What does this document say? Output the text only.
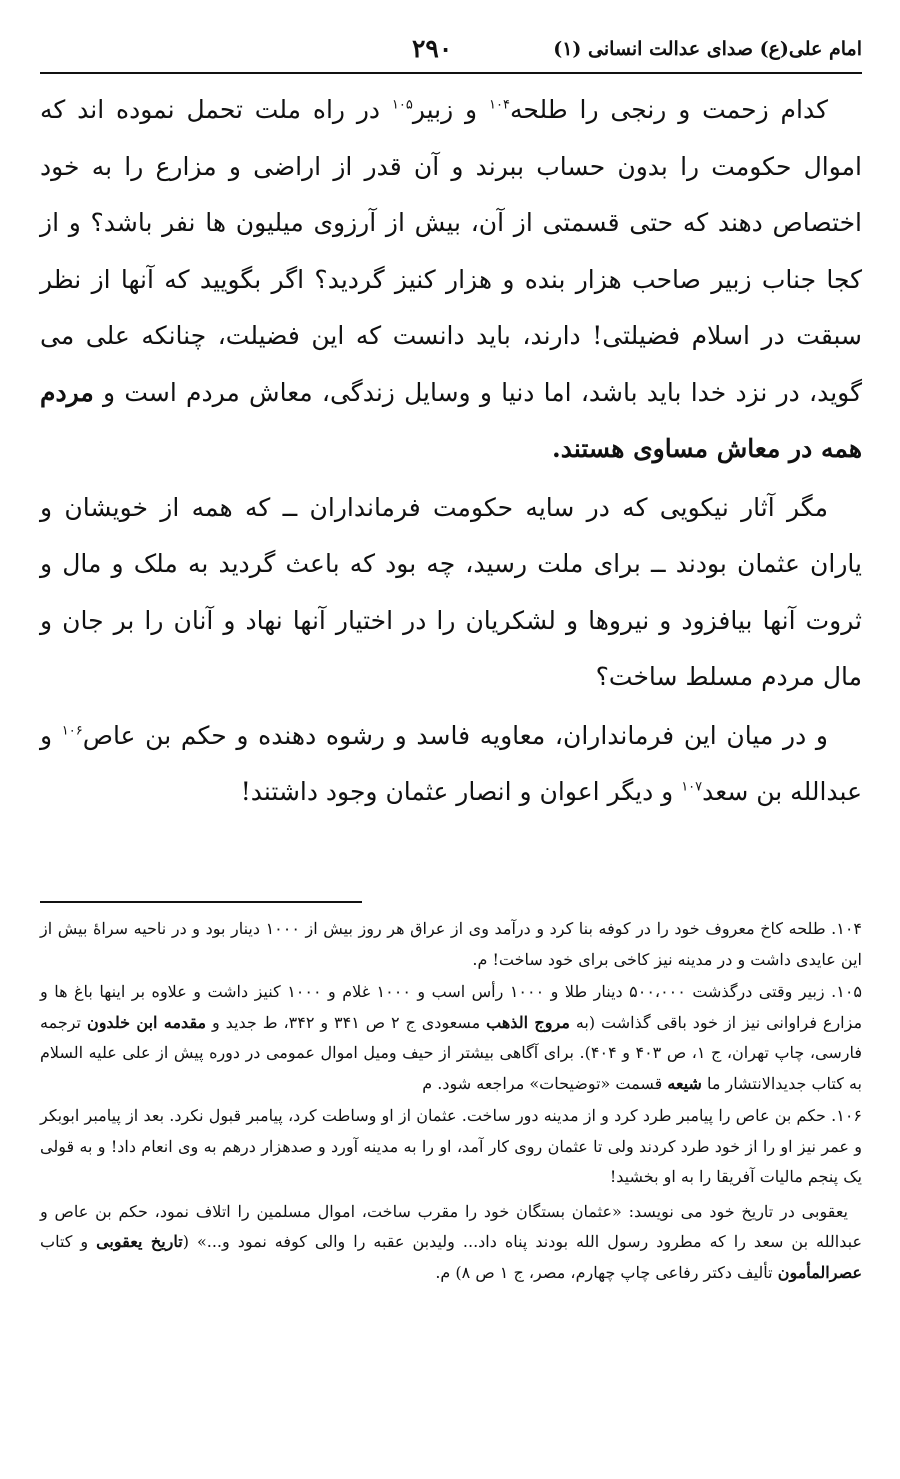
امام علی(ع) صدای عدالت انسانی (۱)
۲۹۰

کدام زحمت و رنجی را طلحه$^{۱۰۴}$ و زبیر$^{۱۰۵}$ در راه ملت تحمل نموده اند که اموال حکومت را بدون حساب ببرند و آن قدر از اراضی و مزارع را به خود اختصاص دهند که حتی قسمتی از آن، بیش از آرزوی میلیون ها نفر باشد؟ و از کجا جناب زبیر صاحب هزار بنده و هزار کنیز گردید؟ اگر بگویید که آنها از نظر سبقت در اسلام فضیلتی! دارند، باید دانست که این فضیلت، چنانکه علی می گوید، در نزد خدا باید باشد، اما دنیا و وسایل زندگی، معاش مردم است و مردم همه در معاش مساوی هستند.

مگر آثار نیکویی که در سایه حکومت فرمانداران ــ که همه از خویشان و یاران عثمان بودند ــ برای ملت رسید، چه بود که باعث گردید به ملک و مال و ثروت آنها بیافزود و نیروها و لشکریان را در اختیار آنها نهاد و آنان را بر جان و مال مردم مسلط ساخت؟

و در میان این فرمانداران، معاویه فاسد و رشوه دهنده و حکم بن عاص$^{۱۰۶}$ و عبدالله بن سعد$^{۱۰۷}$ و دیگر اعوان و انصار عثمان وجود داشتند!

۱۰۴. طلحه کاخ معروف خود را در کوفه بنا کرد و درآمد وی از عراق هر روز بیش از ۱۰۰۰ دینار بود و در ناحیه سراهٔ بیش از این عایدی داشت و در مدینه نیز کاخی برای خود ساخت! م.

۱۰۵. زبیر وقتی درگذشت ۵۰۰،۰۰۰ دینار طلا و ۱۰۰۰ رأس اسب و ۱۰۰۰ غلام و ۱۰۰۰ کنیز داشت و علاوه بر اینها باغ ها و مزارع فراوانی نیز از خود باقی گذاشت (به مروج الذهب مسعودی ج ۲ ص ۳۴۱ و ۳۴۲، ط جدید و مقدمه ابن خلدون ترجمه فارسی، چاپ تهران، ج ۱، ص ۴۰۳ و ۴۰۴). برای آگاهی بیشتر از حیف ومیل اموال عمومی در دوره پیش از علی علیه السلام به کتاب جدیدالانتشار ما شیعه قسمت «توضیحات» مراجعه شود. م

۱۰۶. حکم بن عاص را پیامبر طرد کرد و از مدینه دور ساخت. عثمان از او وساطت کرد، پیامبر قبول نکرد. بعد از پیامبر ابوبکر و عمر نیز او را از خود طرد کردند ولی تا عثمان روی کار آمد، او را به مدینه آورد و صدهزار درهم به وی انعام داد! و به قولی یک پنجم مالیات آفریقا را به او بخشید!

یعقوبی در تاریخ خود می نویسد: «عثمان بستگان خود را مقرب ساخت، اموال مسلمین را اتلاف نمود، حکم بن عاص و عبدالله بن سعد را که مطرود رسول الله بودند پناه داد... ولیدبن عقبه را والی کوفه نمود و...» (تاریخ یعقوبی و کتاب عصرالمأمون تألیف دکتر رفاعی چاپ چهارم، مصر، ج ۱ ص ۸) م.
